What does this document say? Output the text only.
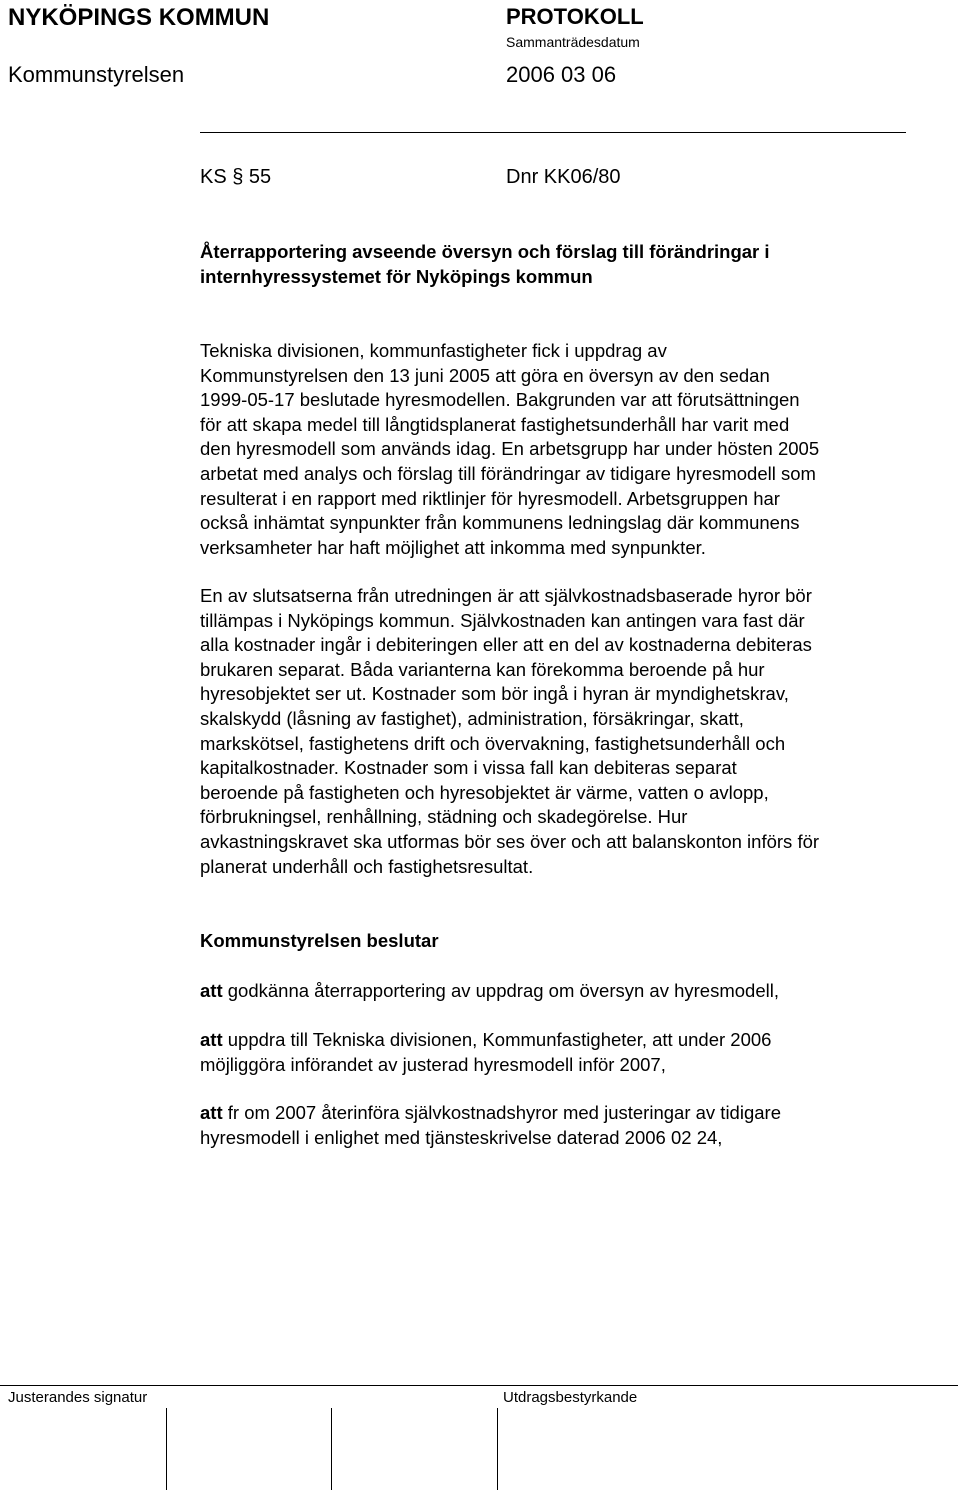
NYKÖPINGS KOMMUN	PROTOKOLL
Sammanträdesdatum
Kommunstyrelsen	2006 03 06
KS § 55	Dnr KK06/80
Återrapportering avseende översyn och förslag till förändringar i
internhyressystemet för Nyköpings kommun
Tekniska divisionen, kommunfastigheter fick i uppdrag av
Kommunstyrelsen den 13 juni 2005 att göra en översyn av den sedan
1999-05-17 beslutade hyresmodellen. Bakgrunden var att förutsättningen
för att skapa medel till långtidsplanerat fastighetsunderhåll har varit med
den hyresmodell som används idag. En arbetsgrupp har under hösten 2005
arbetat med analys och förslag till förändringar av tidigare hyresmodell som
resulterat i en rapport med riktlinjer för hyresmodell. Arbetsgruppen har
också inhämtat synpunkter från kommunens ledningslag där kommunens
verksamheter har haft möjlighet att inkomma med synpunkter.
En av slutsatserna från utredningen är att självkostnadsbaserade hyror bör
tillämpas i Nyköpings kommun. Självkostnaden kan antingen vara fast där
alla kostnader ingår i debiteringen eller att en del av kostnaderna debiteras
brukaren separat. Båda varianterna kan förekomma beroende på hur
hyresobjektet ser ut. Kostnader som bör ingå i hyran är myndighetskrav,
skalskydd (låsning av fastighet), administration, försäkringar, skatt,
markskötsel, fastighetens drift och övervakning, fastighetsunderhåll och
kapitalkostnader. Kostnader som i vissa fall kan debiteras separat
beroende på fastigheten och hyresobjektet är värme, vatten o avlopp,
förbrukningsel, renhållning, städning och skadegörelse. Hur
avkastningskravet ska utformas bör ses över och att balanskonton införs för
planerat underhåll och fastighetsresultat.
Kommunstyrelsen beslutar
att godkänna återrapportering av uppdrag om översyn av hyresmodell,
att uppdra till Tekniska divisionen, Kommunfastigheter, att under 2006
möjliggöra införandet av justerad hyresmodell inför 2007,
att fr om 2007 återinföra självkostnadshyror med justeringar av tidigare
hyresmodell i enlighet med tjänsteskrivelse daterad 2006 02 24,
Justerandes signatur	Utdragsbestyrkande
